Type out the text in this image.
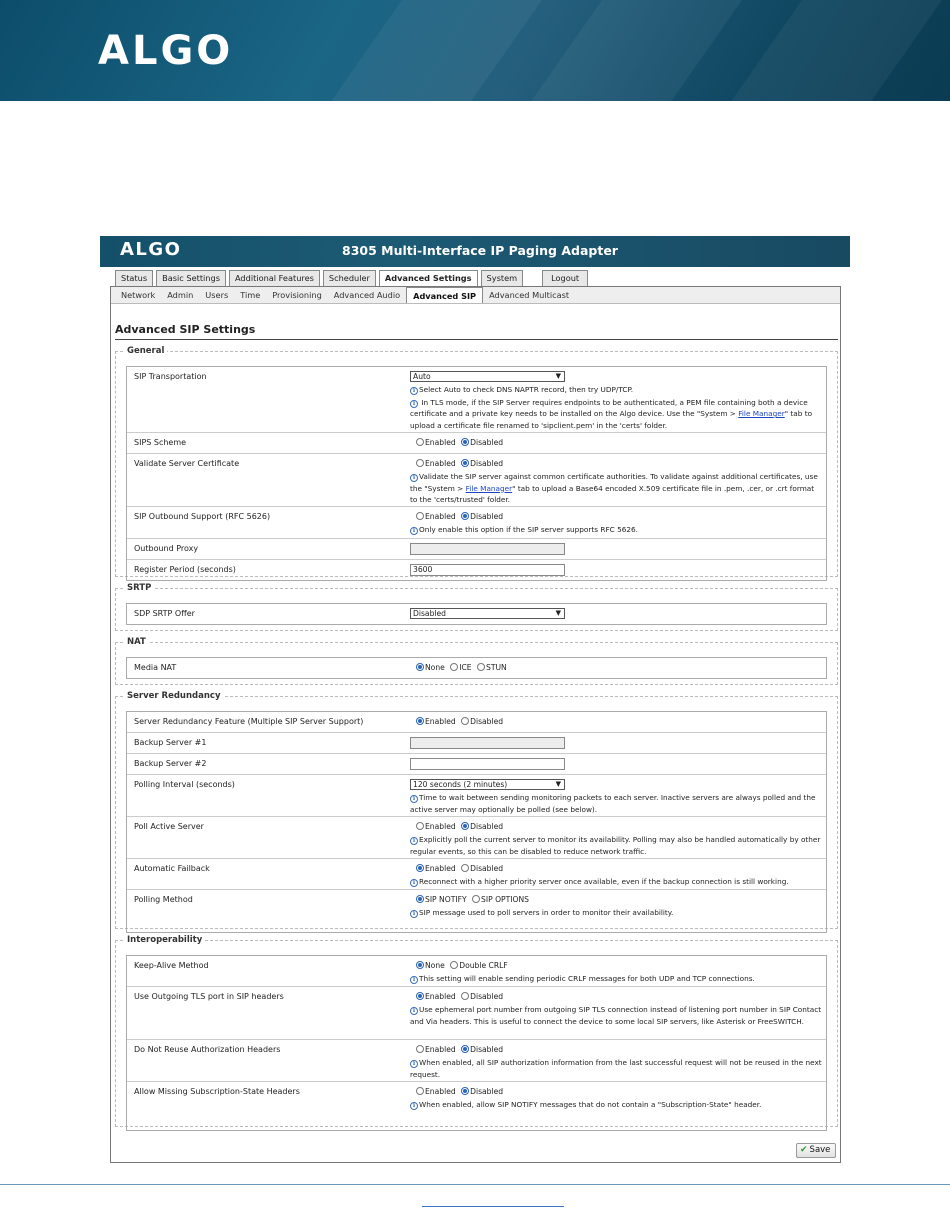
ALGO
ALGO	8305 Multi-Interface IP Paging Adapter
Status	Basic Settings	Additional Features	Scheduler	Advanced Settings	System	Logout
Network	Admin	Users	Time	Provisioning	Advanced Audio	Advanced SIP	Advanced Multicast
Advanced SIP Settings
General
SIP Transportation	Auto	▼
i Select Auto to check DNS NAPTR record, then try UDP/TCP.
i In TLS mode, if the SIP Server requires endpoints to be authenticated, a PEM file containing both a device certificate and a private key needs to be installed on the Algo device. Use the "System > File Manager" tab to upload a certificate file renamed to 'sipclient.pem' in the 'certs' folder.
SIPS Scheme	Enabled Disabled
Validate Server Certificate	Enabled Disabled
i Validate the SIP server against common certificate authorities. To validate against additional certificates, use the "System > File Manager" tab to upload a Base64 encoded X.509 certificate file in .pem, .cer, or .crt format to the 'certs/trusted' folder.
SIP Outbound Support (RFC 5626)	Enabled Disabled
i Only enable this option if the SIP server supports RFC 5626.
Outbound Proxy
Register Period (seconds)	3600
SRTP
SDP SRTP Offer	Disabled	▼
NAT
Media NAT	None ICE STUN
Server Redundancy
Server Redundancy Feature (Multiple SIP Server Support)	Enabled Disabled
Backup Server #1
Backup Server #2
Polling Interval (seconds)	120 seconds (2 minutes)	▼
i Time to wait between sending monitoring packets to each server. Inactive servers are always polled and the active server may optionally be polled (see below).
Poll Active Server	Enabled Disabled
i Explicitly poll the current server to monitor its availability. Polling may also be handled automatically by other regular events, so this can be disabled to reduce network traffic.
Automatic Failback	Enabled Disabled
i Reconnect with a higher priority server once available, even if the backup connection is still working.
Polling Method	SIP NOTIFY SIP OPTIONS
i SIP message used to poll servers in order to monitor their availability.
Interoperability
Keep-Alive Method	None Double CRLF
i This setting will enable sending periodic CRLF messages for both UDP and TCP connections.
Use Outgoing TLS port in SIP headers	Enabled Disabled
i Use ephemeral port number from outgoing SIP TLS connection instead of listening port number in SIP Contact and Via headers. This is useful to connect the device to some local SIP servers, like Asterisk or FreeSWITCH.
Do Not Reuse Authorization Headers	Enabled Disabled
i When enabled, all SIP authorization information from the last successful request will not be reused in the next request.
Allow Missing Subscription-State Headers	Enabled Disabled
i When enabled, allow SIP NOTIFY messages that do not contain a "Subscription-State" header.
✔ Save
